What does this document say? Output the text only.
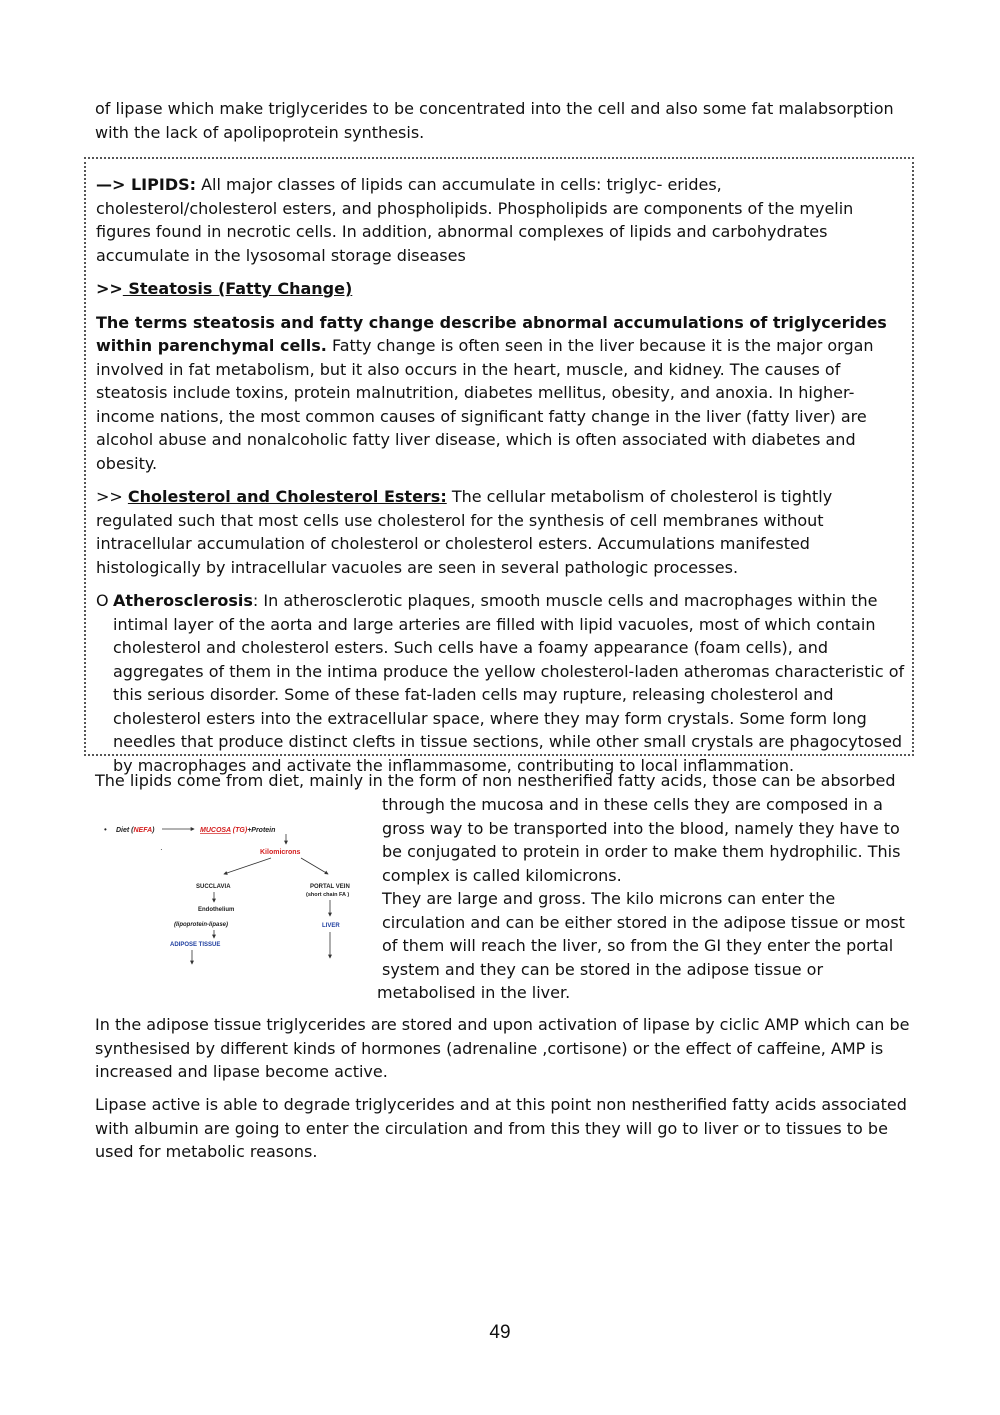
of lipase which make triglycerides to be concentrated into the cell and also some fat malabsorption with the lack of apolipoprotein synthesis.

—> LIPIDS: All major classes of lipids can accumulate in cells: triglyc- erides, cholesterol/cholesterol esters, and phospholipids. Phospholipids are components of the myelin figures found in necrotic cells. In addition, abnormal complexes of lipids and carbohydrates accumulate in the lysosomal storage diseases

>> Steatosis (Fatty Change)

The terms steatosis and fatty change describe abnormal accumulations of triglycerides within parenchymal cells. Fatty change is often seen in the liver because it is the major organ involved in fat metabolism, but it also occurs in the heart, muscle, and kidney. The causes of steatosis include toxins, protein malnutrition, diabetes mellitus, obesity, and anoxia. In higher-income nations, the most common causes of significant fatty change in the liver (fatty liver) are alcohol abuse and nonalcoholic fatty liver disease, which is often associated with diabetes and obesity.

>> Cholesterol and Cholesterol Esters: The cellular metabolism of cholesterol is tightly regulated such that most cells use cholesterol for the synthesis of cell membranes without intracellular accumulation of cholesterol or cholesterol esters. Accumulations manifested histologically by intracellular vacuoles are seen in several pathologic processes.

O Atherosclerosis: In atherosclerotic plaques, smooth muscle cells and macrophages within the intimal layer of the aorta and large arteries are filled with lipid vacuoles, most of which contain cholesterol and cholesterol esters. Such cells have a foamy appearance (foam cells), and aggregates of them in the intima produce the yellow cholesterol-laden atheromas characteristic of this serious disorder. Some of these fat-laden cells may rupture, releasing cholesterol and cholesterol esters into the extracellular space, where they may form crystals. Some form long needles that produce distinct clefts in tissue sections, while other small crystals are phagocytosed by macrophages and activate the inflammasome, contributing to local inflammation.

The lipids come from diet, mainly in the form of non nestherified fatty acids, those can be absorbed

• Diet (NEFA)	MUCOSA (TG)+Protein
Kilomicrons
·
SUCCLAVIA
Endothelium
(lipoprotein-lipase)
ADIPOSE TISSUE
PORTAL VEIN
(short chain FA )
LIVER

through the mucosa and in these cells they are composed in a

gross way to be transported into the blood, namely they have to

be conjugated to protein in order to make them hydrophilic. This

complex is called kilomicrons.

They are large and gross. The kilo microns can enter the

circulation and can be either stored in the adipose tissue or most

of them will reach the liver, so from the GI they enter the portal

system and they can be stored in the adipose tissue or

metabolised in the liver.

In the adipose tissue triglycerides are stored and upon activation of lipase by ciclic AMP which can be synthesised by different kinds of hormones (adrenaline ,cortisone) or the effect of caffeine, AMP is increased and lipase become active.

Lipase active is able to degrade triglycerides and at this point non nestherified fatty acids associated with albumin are going to enter the circulation and from this they will go to liver or to tissues to be used for metabolic reasons.

49
